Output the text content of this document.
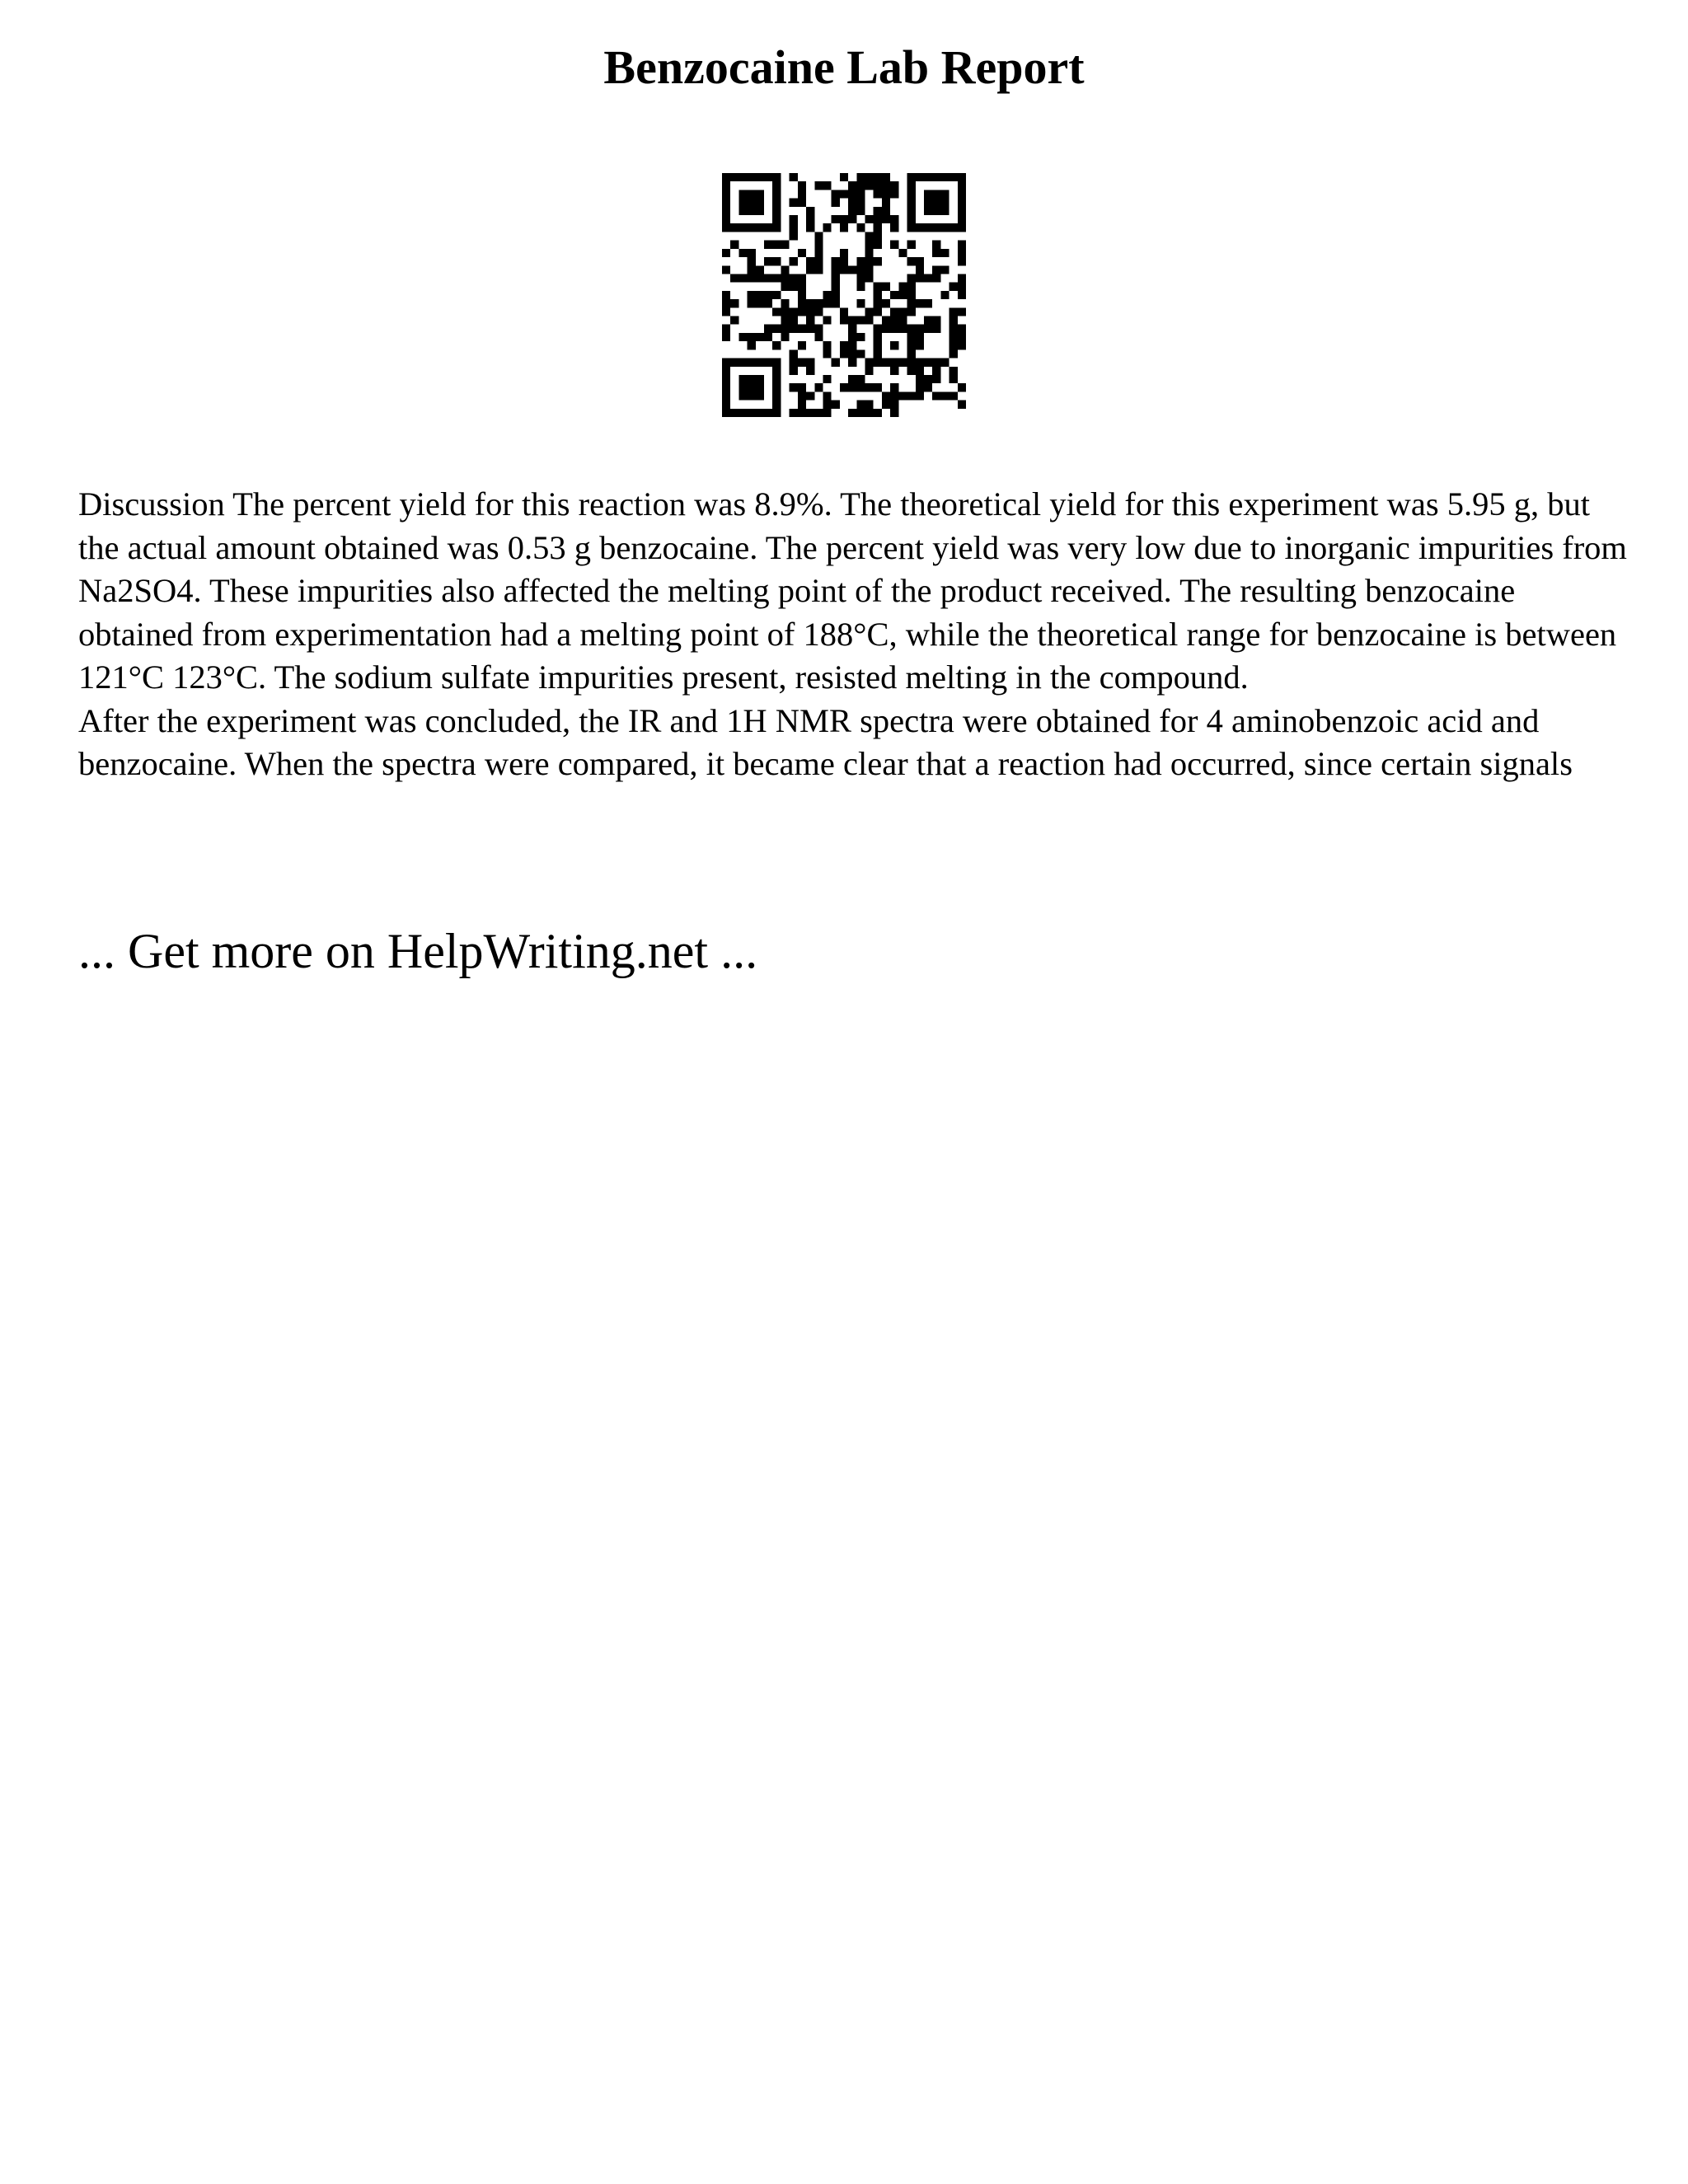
Benzocaine Lab Report

Discussion The percent yield for this reaction was 8.9%. The theoretical yield for this experiment was 5.95 g, but the actual amount obtained was 0.53 g benzocaine. The percent yield was very low due to inorganic impurities from Na2SO4. These impurities also affected the melting point of the product received. The resulting benzocaine obtained from experimentation had a melting point of 188°C, while the theoretical range for benzocaine is between 121°C 123°C. The sodium sulfate impurities present, resisted melting in the compound.

After the experiment was concluded, the IR and 1H NMR spectra were obtained for 4 aminobenzoic acid and benzocaine. When the spectra were compared, it became clear that a reaction had occurred, since certain signals

... Get more on HelpWriting.net ...
